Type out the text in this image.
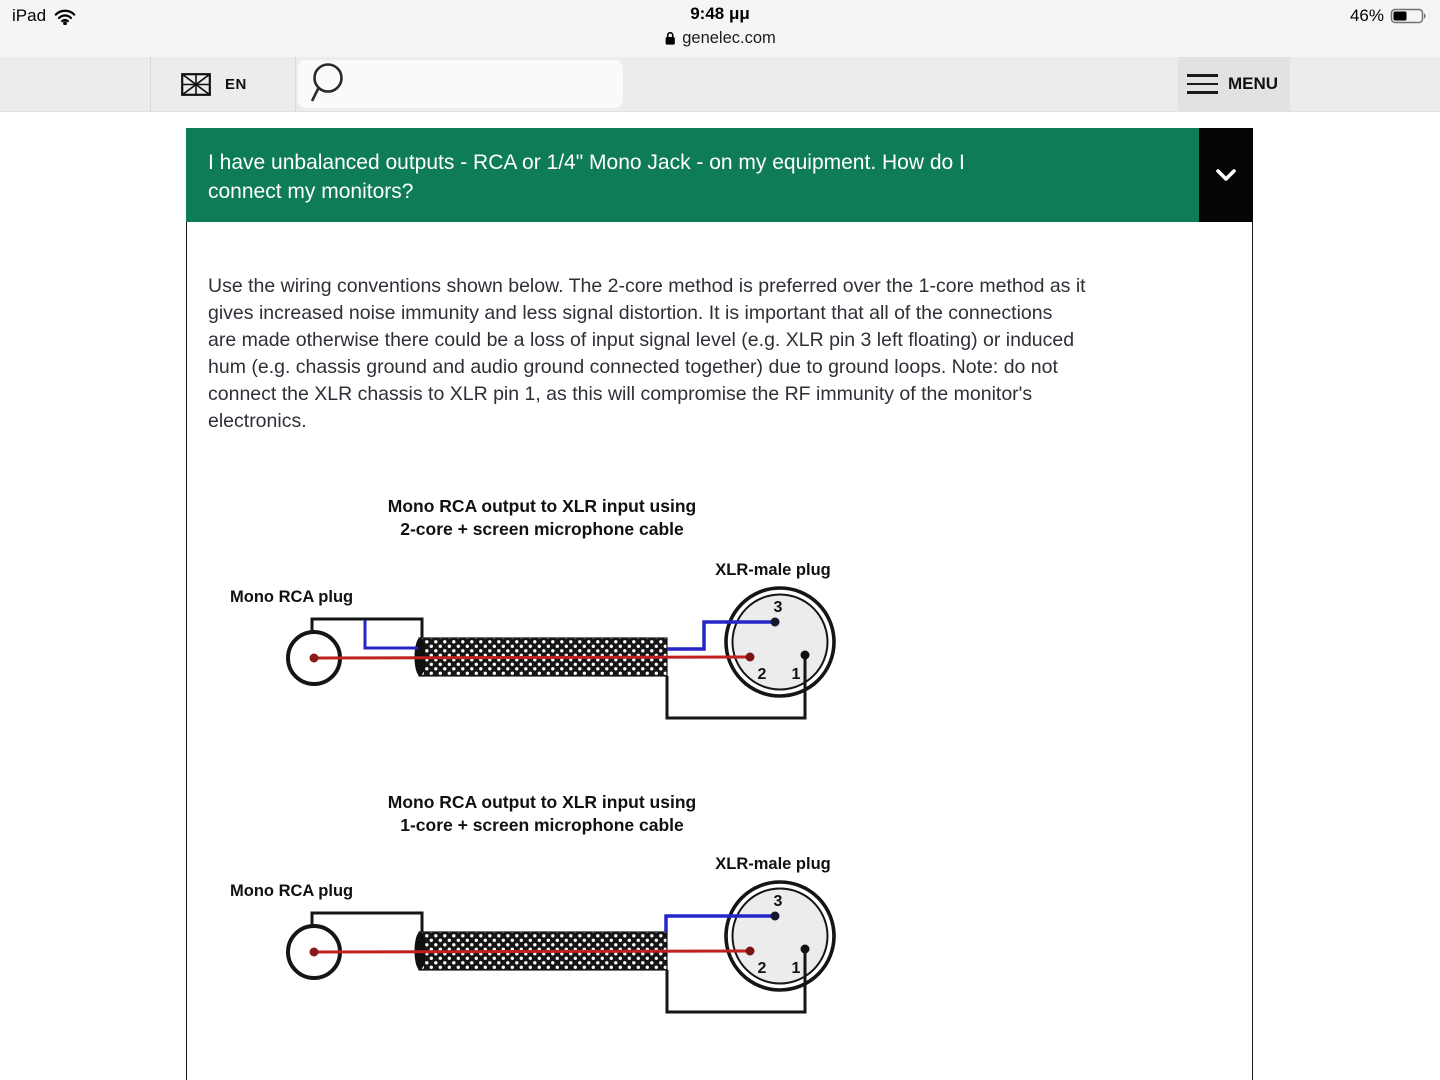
iPad	9:48 μμ
genelec.com
46%
EN	MENU
I have unbalanced outputs - RCA or 1/4" Mono Jack - on my equipment. How do I
connect my monitors?
Use the wiring conventions shown below. The 2-core method is preferred over the 1-core method as it
gives increased noise immunity and less signal distortion. It is important that all of the connections
are made otherwise there could be a loss of input signal level (e.g. XLR pin 3 left floating) or induced
hum (e.g. chassis ground and audio ground connected together) due to ground loops. Note: do not
connect the XLR chassis to XLR pin 1, as this will compromise the RF immunity of the monitor's
electronics.
Mono RCA output to XLR input using
2-core + screen microphone cable
XLR-male plug
Mono RCA plug
3
2 1
Mono RCA output to XLR input using
1-core + screen microphone cable
XLR-male plug
Mono RCA plug
3
2 1
